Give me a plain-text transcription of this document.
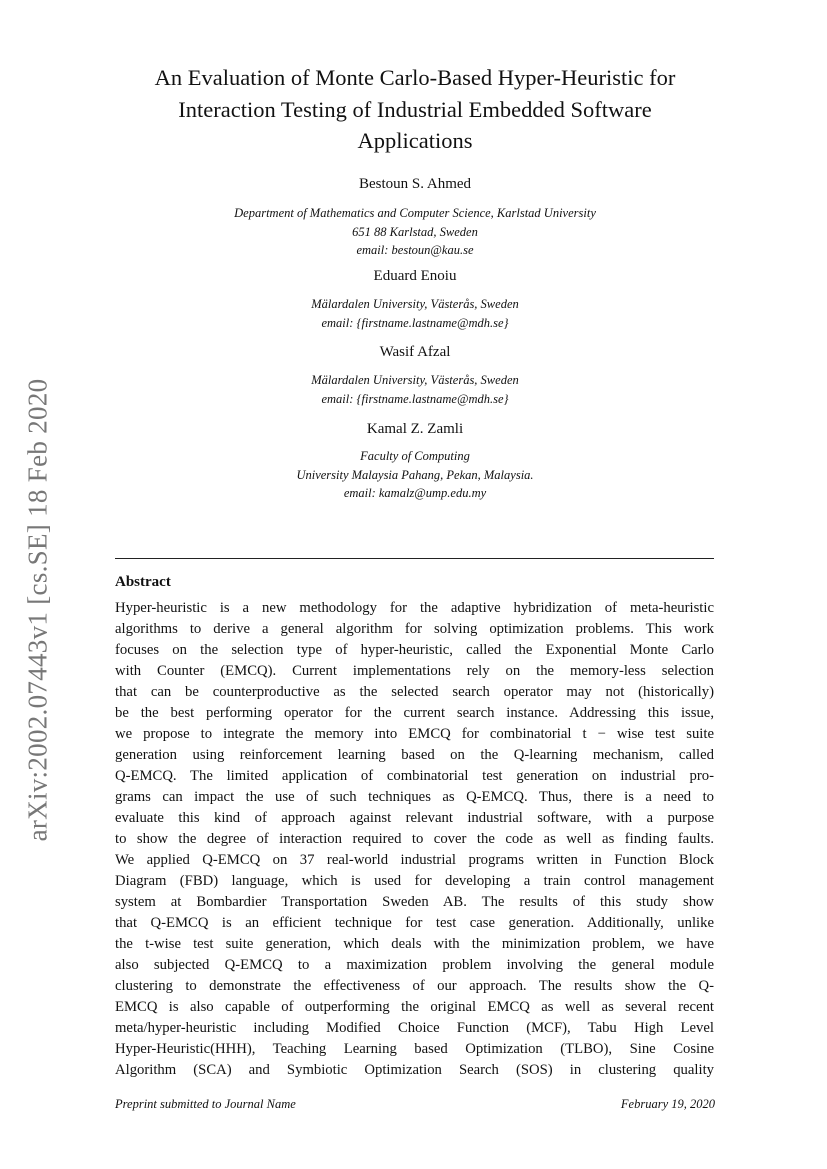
arXiv:2002.07443v1 [cs.SE] 18 Feb 2020
An Evaluation of Monte Carlo-Based Hyper-Heuristic for
Interaction Testing of Industrial Embedded Software
Applications
Bestoun S. Ahmed
Department of Mathematics and Computer Science, Karlstad University
651 88 Karlstad, Sweden
email: bestoun@kau.se
Eduard Enoiu
Mälardalen University, Västerås, Sweden
email: {firstname.lastname@mdh.se}
Wasif Afzal
Mälardalen University, Västerås, Sweden
email: {firstname.lastname@mdh.se}
Kamal Z. Zamli
Faculty of Computing
University Malaysia Pahang, Pekan, Malaysia.
email: kamalz@ump.edu.my
Abstract
Hyper-heuristic is a new methodology for the adaptive hybridization of meta-heuristic
algorithms to derive a general algorithm for solving optimization problems. This work
focuses on the selection type of hyper-heuristic, called the Exponential Monte Carlo
with Counter (EMCQ). Current implementations rely on the memory-less selection
that can be counterproductive as the selected search operator may not (historically)
be the best performing operator for the current search instance. Addressing this issue,
we propose to integrate the memory into EMCQ for combinatorial t − wise test suite
generation using reinforcement learning based on the Q-learning mechanism, called
Q-EMCQ. The limited application of combinatorial test generation on industrial pro-
grams can impact the use of such techniques as Q-EMCQ. Thus, there is a need to
evaluate this kind of approach against relevant industrial software, with a purpose
to show the degree of interaction required to cover the code as well as finding faults.
We applied Q-EMCQ on 37 real-world industrial programs written in Function Block
Diagram (FBD) language, which is used for developing a train control management
system at Bombardier Transportation Sweden AB. The results of this study show
that Q-EMCQ is an efficient technique for test case generation. Additionally, unlike
the t-wise test suite generation, which deals with the minimization problem, we have
also subjected Q-EMCQ to a maximization problem involving the general module
clustering to demonstrate the effectiveness of our approach. The results show the Q-
EMCQ is also capable of outperforming the original EMCQ as well as several recent
meta/hyper-heuristic including Modified Choice Function (MCF), Tabu High Level
Hyper-Heuristic(HHH), Teaching Learning based Optimization (TLBO), Sine Cosine
Algorithm (SCA) and Symbiotic Optimization Search (SOS) in clustering quality
Preprint submitted to Journal Name	February 19, 2020
